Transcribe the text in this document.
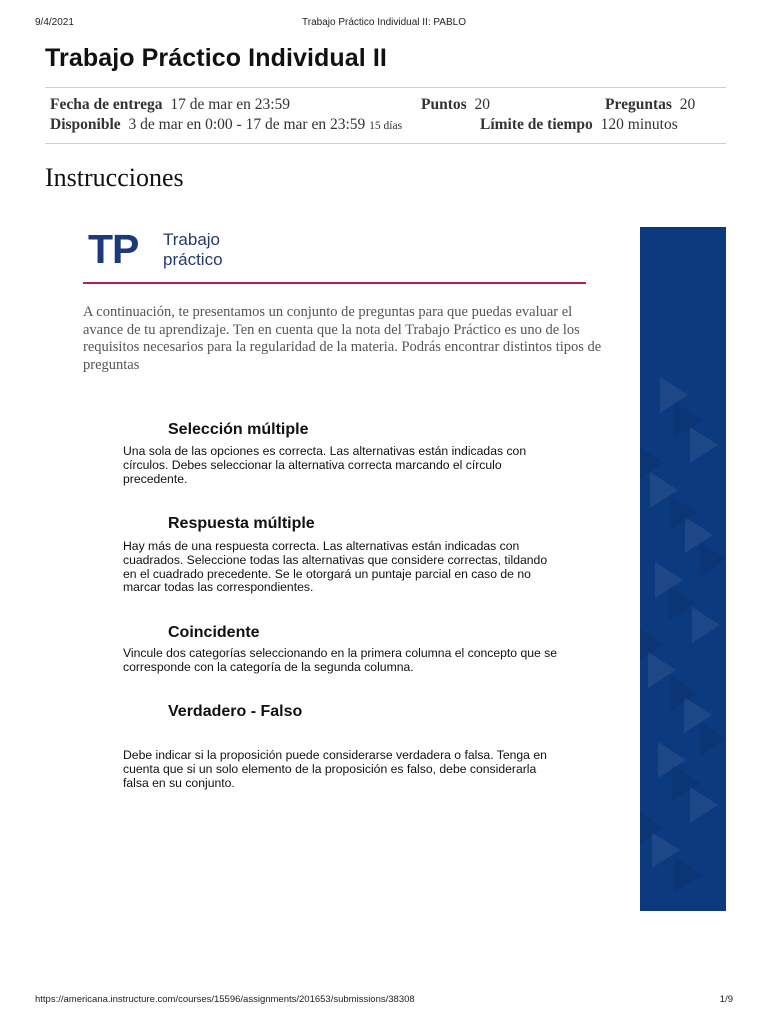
9/4/2021	Trabajo Práctico Individual II: PABLO
Trabajo Práctico Individual II
Fecha de entrega 17 de mar en 23:59	Puntos 20	Preguntas 20
Disponible 3 de mar en 0:00 - 17 de mar en 23:59 15 días	Límite de tiempo 120 minutos
Instrucciones
TP Trabajo
práctico

A continuación, te presentamos un conjunto de preguntas para que puedas evaluar el avance de tu aprendizaje. Ten en cuenta que la nota del Trabajo Práctico es uno de los requisitos necesarios para la regularidad de la materia. Podrás encontrar distintos tipos de preguntas

Selección múltiple

Una sola de las opciones es correcta. Las alternativas están indicadas con círculos. Debes seleccionar la alternativa correcta marcando el círculo precedente.

Respuesta múltiple

Hay más de una respuesta correcta. Las alternativas están indicadas con cuadrados. Seleccione todas las alternativas que considere correctas, tildando en el cuadrado precedente. Se le otorgará un puntaje parcial en caso de no marcar todas las correspondientes.

Coincidente

Vincule dos categorías seleccionando en la primera columna el concepto que se corresponde con la categoría de la segunda columna.

Verdadero - Falso

Debe indicar si la proposición puede considerarse verdadera o falsa. Tenga en cuenta que si un solo elemento de la proposición es falso, debe considerarla falsa en su conjunto.

https://americana.instructure.com/courses/15596/assignments/201653/submissions/38308	1/9
